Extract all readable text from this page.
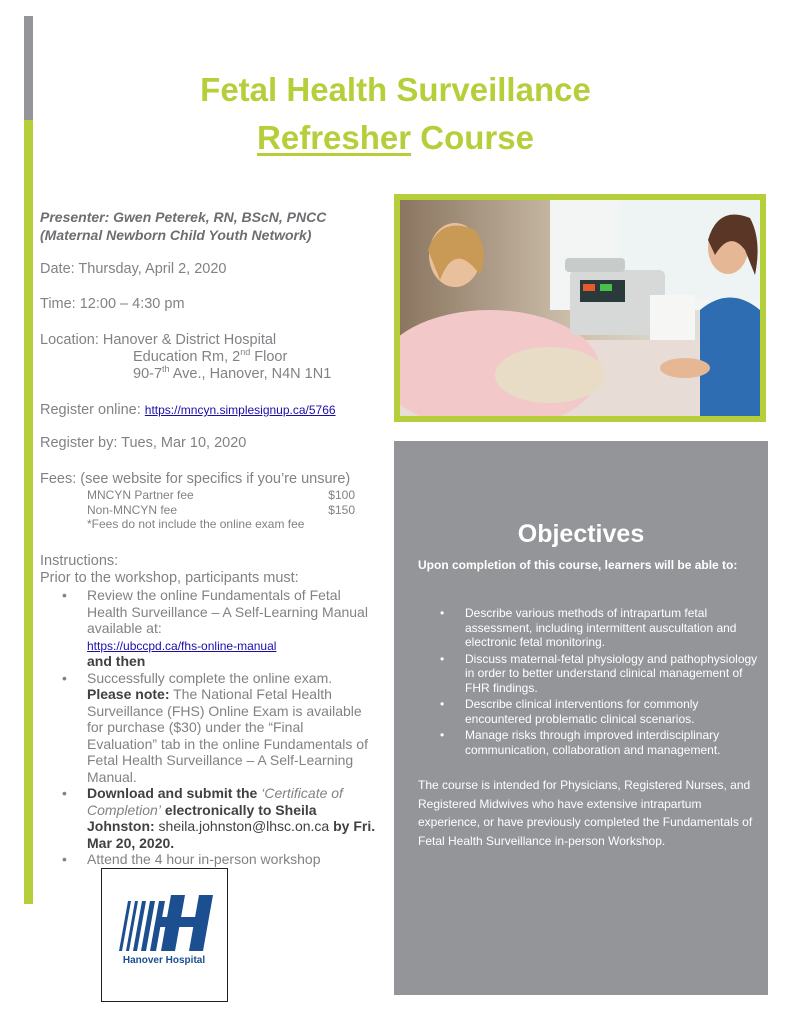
Fetal Health Surveillance
Refresher Course
Presenter: Gwen Peterek, RN, BScN, PNCC
(Maternal Newborn Child Youth Network)
Date: Thursday, April 2, 2020
Time: 12:00 – 4:30 pm
Location: Hanover & District Hospital
Education Rm, 2nd Floor
90-7th Ave., Hanover, N4N 1N1
Register online: https://mncyn.simplesignup.ca/5766
Register by: Tues, Mar 10, 2020
Fees: (see website for specifics if you’re unsure)
MNCYN Partner fee	$100
Non-MNCYN fee	$150
*Fees do not include the online exam fee
Instructions:
Prior to the workshop, participants must:
• Review the online Fundamentals of Fetal Health Surveillance – A Self-Learning Manual available at:
https://ubccpd.ca/fhs-online-manual
and then
• Successfully complete the online exam.
Please note: The National Fetal Health Surveillance (FHS) Online Exam is available for purchase ($30) under the “Final Evaluation” tab in the online Fundamentals of Fetal Health Surveillance – A Self-Learning Manual.
• Download and submit the ‘Certificate of Completion’ electronically to Sheila Johnston: sheila.johnston@lhsc.on.ca by Fri. Mar 20, 2020.
• Attend the 4 hour in-person workshop
Objectives
Upon completion of this course, learners will be able to:
• Describe various methods of intrapartum fetal assessment, including intermittent auscultation and electronic fetal monitoring.
• Discuss maternal-fetal physiology and pathophysiology in order to better understand clinical management of FHR findings.
• Describe clinical interventions for commonly encountered problematic clinical scenarios.
• Manage risks through improved interdisciplinary communication, collaboration and management.
The course is intended for Physicians, Registered Nurses, and Registered Midwives who have extensive intrapartum experience, or have previously completed the Fundamentals of Fetal Health Surveillance in-person Workshop.
Hanover Hospital
